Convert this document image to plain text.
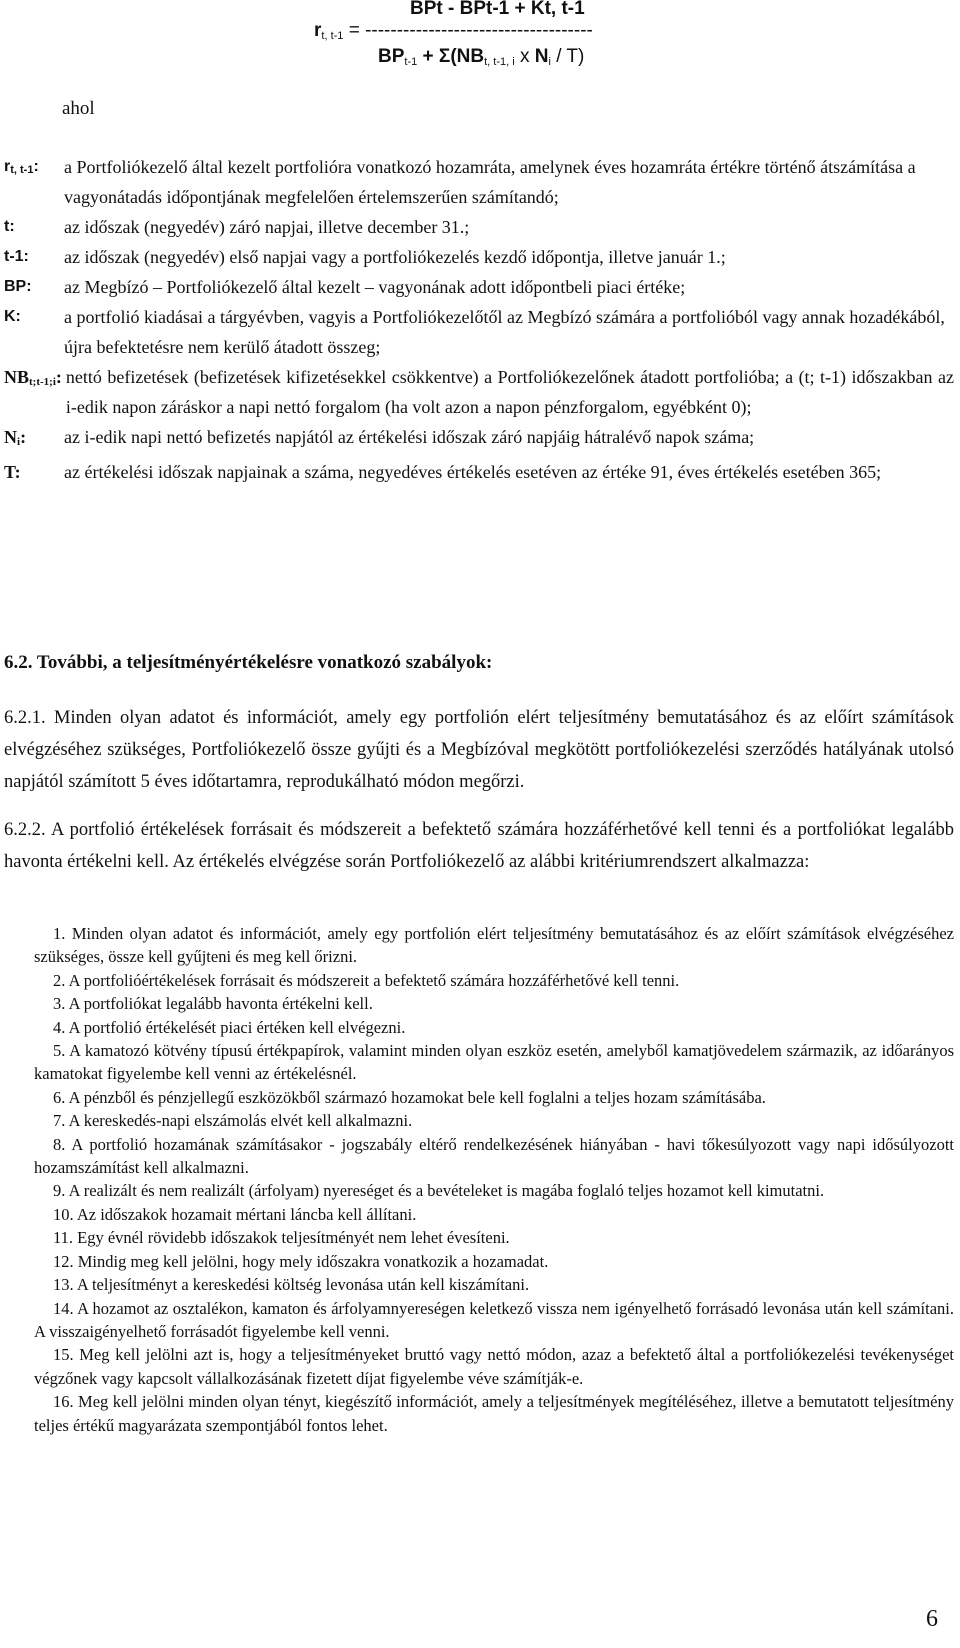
BPt - BPt-1 + Kt, t-1
$r_{t, t-1}$ = ------------------------------------
$BP_{t-1} + \Sigma(NB_{t, t-1, i}$ x $N_i / T$)
ahol
$r_{t, t-1}$:	a Portfoliókezelő által kezelt portfolióra vonatkozó hozamráta, amelynek éves hozamráta értékre történő átszámítása a vagyonátadás időpontjának megfelelően értelemszerűen számítandó;
t:	az időszak (negyedév) záró napjai, illetve december 31.;
t-1:	az időszak (negyedév) első napjai vagy a portfoliókezelés kezdő időpontja, illetve január 1.;
BP:	az Megbízó – Portfoliókezelő által kezelt – vagyonának adott időpontbeli piaci értéke;
K:	a portfolió kiadásai a tárgyévben, vagyis a Portfoliókezelőtől az Megbízó számára a portfolióból vagy annak hozadékából, újra befektetésre nem kerülő átadott összeg;
$NB_{t;t-1;i}$: nettó befizetések (befizetések kifizetésekkel csökkentve) a Portfoliókezelőnek átadott portfolióba; a (t; t-1) időszakban az i-edik napon záráskor a napi nettó forgalom (ha volt azon a napon pénzforgalom, egyébként 0);
$N_i$:	az i-edik napi nettó befizetés napjától az értékelési időszak záró napjáig hátralévő napok száma;
T:	az értékelési időszak napjainak a száma, negyedéves értékelés esetéven az értéke 91, éves értékelés esetében 365;
6.2. További, a teljesítményértékelésre vonatkozó szabályok:
6.2.1. Minden olyan adatot és információt, amely egy portfolión elért teljesítmény bemutatásához és az előírt számítások elvégzéséhez szükséges, Portfoliókezelő össze gyűjti és a Megbízóval megkötött portfoliókezelési szerződés hatályának utolsó napjától számított 5 éves időtartamra, reprodukálható módon megőrzi.
6.2.2. A portfolió értékelések forrásait és módszereit a befektető számára hozzáférhetővé kell tenni és a portfoliókat legalább havonta értékelni kell. Az értékelés elvégzése során Portfoliókezelő az alábbi kritériumrendszert alkalmazza:

1. Minden olyan adatot és információt, amely egy portfolión elért teljesítmény bemutatásához és az előírt számítások elvégzéséhez szükséges, össze kell gyűjteni és meg kell őrizni.

2. A portfolióértékelések forrásait és módszereit a befektető számára hozzáférhetővé kell tenni.

3. A portfoliókat legalább havonta értékelni kell.

4. A portfolió értékelését piaci értéken kell elvégezni.

5. A kamatozó kötvény típusú értékpapírok, valamint minden olyan eszköz esetén, amelyből kamatjövedelem származik, az időarányos kamatokat figyelembe kell venni az értékelésnél.

6. A pénzből és pénzjellegű eszközökből származó hozamokat bele kell foglalni a teljes hozam számításába.

7. A kereskedés-napi elszámolás elvét kell alkalmazni.

8. A portfolió hozamának számításakor - jogszabály eltérő rendelkezésének hiányában - havi tőkesúlyozott vagy napi idősúlyozott hozamszámítást kell alkalmazni.

9. A realizált és nem realizált (árfolyam) nyereséget és a bevételeket is magába foglaló teljes hozamot kell kimutatni.

10. Az időszakok hozamait mértani láncba kell állítani.

11. Egy évnél rövidebb időszakok teljesítményét nem lehet évesíteni.

12. Mindig meg kell jelölni, hogy mely időszakra vonatkozik a hozamadat.

13. A teljesítményt a kereskedési költség levonása után kell kiszámítani.

14. A hozamot az osztalékon, kamaton és árfolyamnyereségen keletkező vissza nem igényelhető forrásadó levonása után kell számítani. A visszaigényelhető forrásadót figyelembe kell venni.

15. Meg kell jelölni azt is, hogy a teljesítményeket bruttó vagy nettó módon, azaz a befektető által a portfoliókezelési tevékenységet végzőnek vagy kapcsolt vállalkozásának fizetett díjat figyelembe véve számítják-e.

16. Meg kell jelölni minden olyan tényt, kiegészítő információt, amely a teljesítmények megítéléséhez, illetve a bemutatott teljesítmény teljes értékű magyarázata szempontjából fontos lehet.

6
